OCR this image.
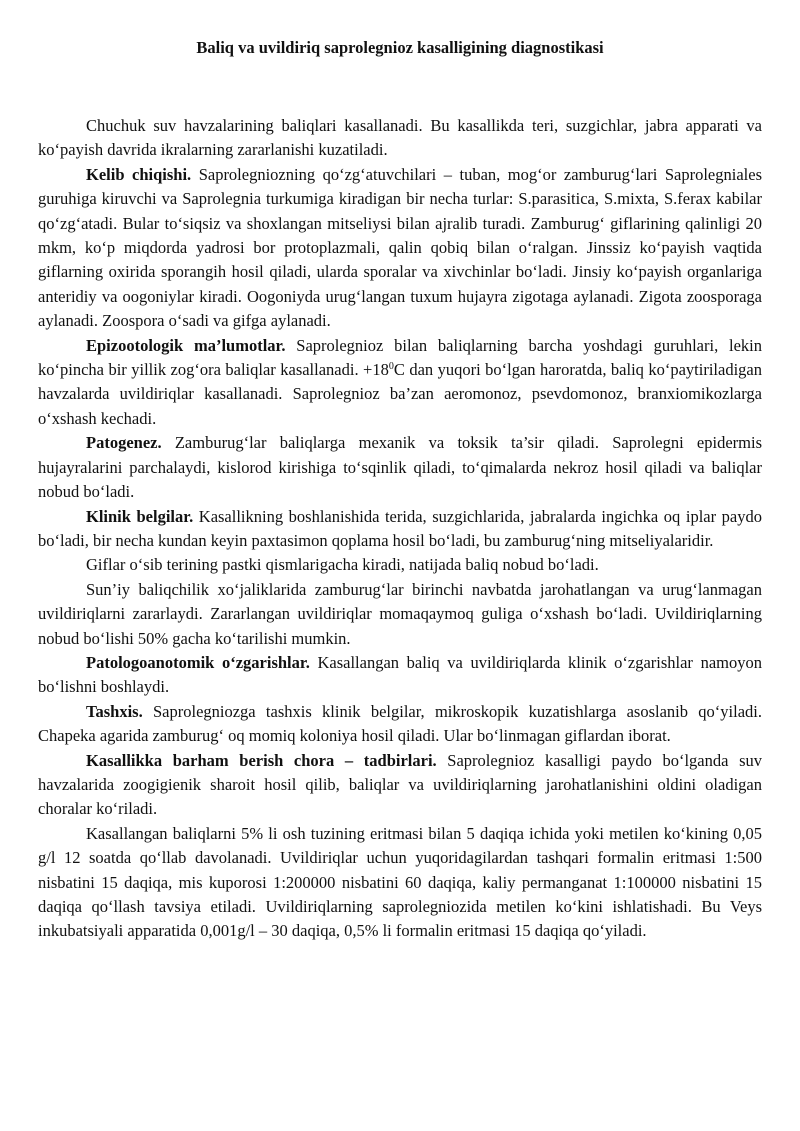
Baliq va uvildiriq saprolegnioz kasalligining diagnostikasi

Chuchuk suv havzalarining baliqlari kasallanadi. Bu kasallikda teri, suzgichlar, jabra apparati va ko‘payish davrida ikralarning zararlanishi kuzatiladi.

Kelib chiqishi. Saprolegniozning qo‘zg‘atuvchilari – tuban, mog‘or zamburug‘lari Saprolegniales guruhiga kiruvchi va Saprolegnia turkumiga kiradigan bir necha turlar: S.parasitica, S.mixta, S.ferax kabilar qo‘zg‘atadi. Bular to‘siqsiz va shoxlangan mitseliysi bilan ajralib turadi. Zamburug‘ giflarining qalinligi 20 mkm, ko‘p miqdorda yadrosi bor protoplazmali, qalin qobiq bilan o‘ralgan. Jinssiz ko‘payish vaqtida giflarning oxirida sporangih hosil qiladi, ularda sporalar va xivchinlar bo‘ladi. Jinsiy ko‘payish organlariga anteridiy va oogoniylar kiradi. Oogoniyda urug‘langan tuxum hujayra zigotaga aylanadi. Zigota zoosporaga aylanadi. Zoospora o‘sadi va gifga aylanadi.

Epizootologik ma’lumotlar. Saprolegnioz bilan baliqlarning barcha yoshdagi guruhlari, lekin ko‘pincha bir yillik zog‘ora baliqlar kasallanadi. $+18^0C$ dan yuqori bo‘lgan haroratda, baliq ko‘paytiriladigan havzalarda uvildiriqlar kasallanadi. Saprolegnioz ba’zan aeromonoz, psevdomonoz, branxiomikozlarga o‘xshash kechadi.

Patogenez. Zamburug‘lar baliqlarga mexanik va toksik ta’sir qiladi. Saprolegni epidermis hujayralarini parchalaydi, kislorod kirishiga to‘sqinlik qiladi, to‘qimalarda nekroz hosil qiladi va baliqlar nobud bo‘ladi.

Klinik belgilar. Kasallikning boshlanishida terida, suzgichlarida, jabralarda ingichka oq iplar paydo bo‘ladi, bir necha kundan keyin paxtasimon qoplama hosil bo‘ladi, bu zamburug‘ning mitseliyalaridir.

Giflar o‘sib terining pastki qismlarigacha kiradi, natijada baliq nobud bo‘ladi.

Sun’iy baliqchilik xo‘jaliklarida zamburug‘lar birinchi navbatda jarohatlangan va urug‘lanmagan uvildiriqlarni zararlaydi. Zararlangan uvildiriqlar momaqaymoq guliga o‘xshash bo‘ladi. Uvildiriqlarning nobud bo‘lishi 50% gacha ko‘tarilishi mumkin.

Patologoanotomik o‘zgarishlar. Kasallangan baliq va uvildiriqlarda klinik o‘zgarishlar namoyon bo‘lishni boshlaydi.

Tashxis. Saprolegniozga tashxis klinik belgilar, mikroskopik kuzatishlarga asoslanib qo‘yiladi. Chapeka agarida zamburug‘ oq momiq koloniya hosil qiladi. Ular bo‘linmagan giflardan iborat.

Kasallikka barham berish chora – tadbirlari. Saprolegnioz kasalligi paydo bo‘lganda suv havzalarida zoogigienik sharoit hosil qilib, baliqlar va uvildiriqlarning jarohatlanishini oldini oladigan choralar ko‘riladi.

Kasallangan baliqlarni 5% li osh tuzining eritmasi bilan 5 daqiqa ichida yoki metilen ko‘kining 0,05 g/l 12 soatda qo‘llab davolanadi. Uvildiriqlar uchun yuqoridagilardan tashqari formalin eritmasi 1:500 nisbatini 15 daqiqa, mis kuporosi 1:200000 nisbatini 60 daqiqa, kaliy permanganat 1:100000 nisbatini 15 daqiqa qo‘llash tavsiya etiladi. Uvildiriqlarning saprolegniozida metilen ko‘kini ishlatishadi. Bu Veys inkubatsiyali apparatida 0,001g/l – 30 daqiqa, 0,5% li formalin eritmasi 15 daqiqa qo‘yiladi.
